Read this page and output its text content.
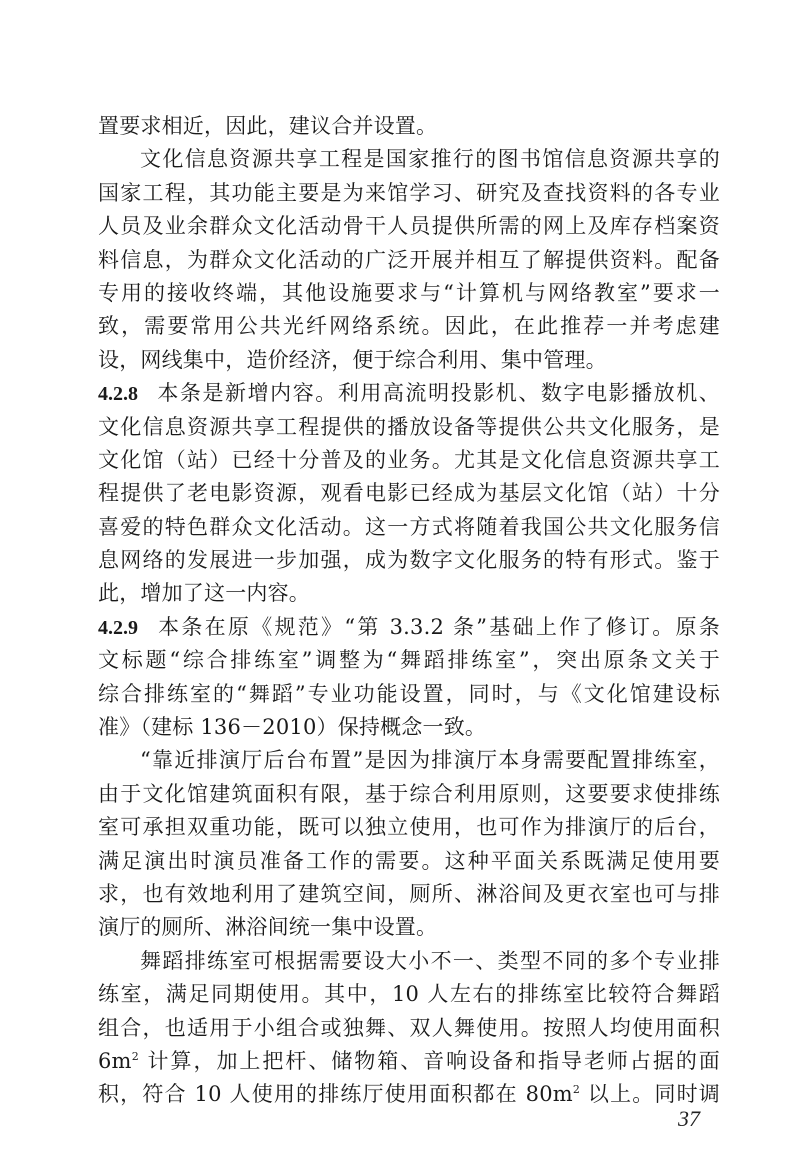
置要求相近，因此，建议合并设置。
文化信息资源共享工程是国家推行的图书馆信息资源共享的
国家工程，其功能主要是为来馆学习、研究及查找资料的各专业
人员及业余群众文化活动骨干人员提供所需的网上及库存档案资
料信息，为群众文化活动的广泛开展并相互了解提供资料。配备
专用的接收终端，其他设施要求与“计算机与网络教室”要求一
致，需要常用公共光纤网络系统。因此，在此推荐一并考虑建
设，网线集中，造价经济，便于综合利用、集中管理。
4.2.8 本条是新增内容。利用高流明投影机、数字电影播放机、
文化信息资源共享工程提供的播放设备等提供公共文化服务，是
文化馆（站）已经十分普及的业务。尤其是文化信息资源共享工
程提供了老电影资源，观看电影已经成为基层文化馆（站）十分
喜爱的特色群众文化活动。这一方式将随着我国公共文化服务信
息网络的发展进一步加强，成为数字文化服务的特有形式。鉴于
此，增加了这一内容。
4.2.9 本条在原《规范》“第 3.3.2 条”基础上作了修订。原条
文标题“综合排练室”调整为“舞蹈排练室”，突出原条文关于
综合排练室的“舞蹈”专业功能设置，同时，与《文化馆建设标
准》（建标 136－2010）保持概念一致。
“靠近排演厅后台布置”是因为排演厅本身需要配置排练室，
由于文化馆建筑面积有限，基于综合利用原则，这要要求使排练
室可承担双重功能，既可以独立使用，也可作为排演厅的后台，
满足演出时演员准备工作的需要。这种平面关系既满足使用要
求，也有效地利用了建筑空间，厕所、淋浴间及更衣室也可与排
演厅的厕所、淋浴间统一集中设置。
舞蹈排练室可根据需要设大小不一、类型不同的多个专业排
练室，满足同期使用。其中，10 人左右的排练室比较符合舞蹈
组合，也适用于小组合或独舞、双人舞使用。按照人均使用面积
$6m^2$ 计算，加上把杆、储物箱、音响设备和指导老师占据的面
积，符合 10 人使用的排练厅使用面积都在 $80m^2$ 以上。同时调
37
